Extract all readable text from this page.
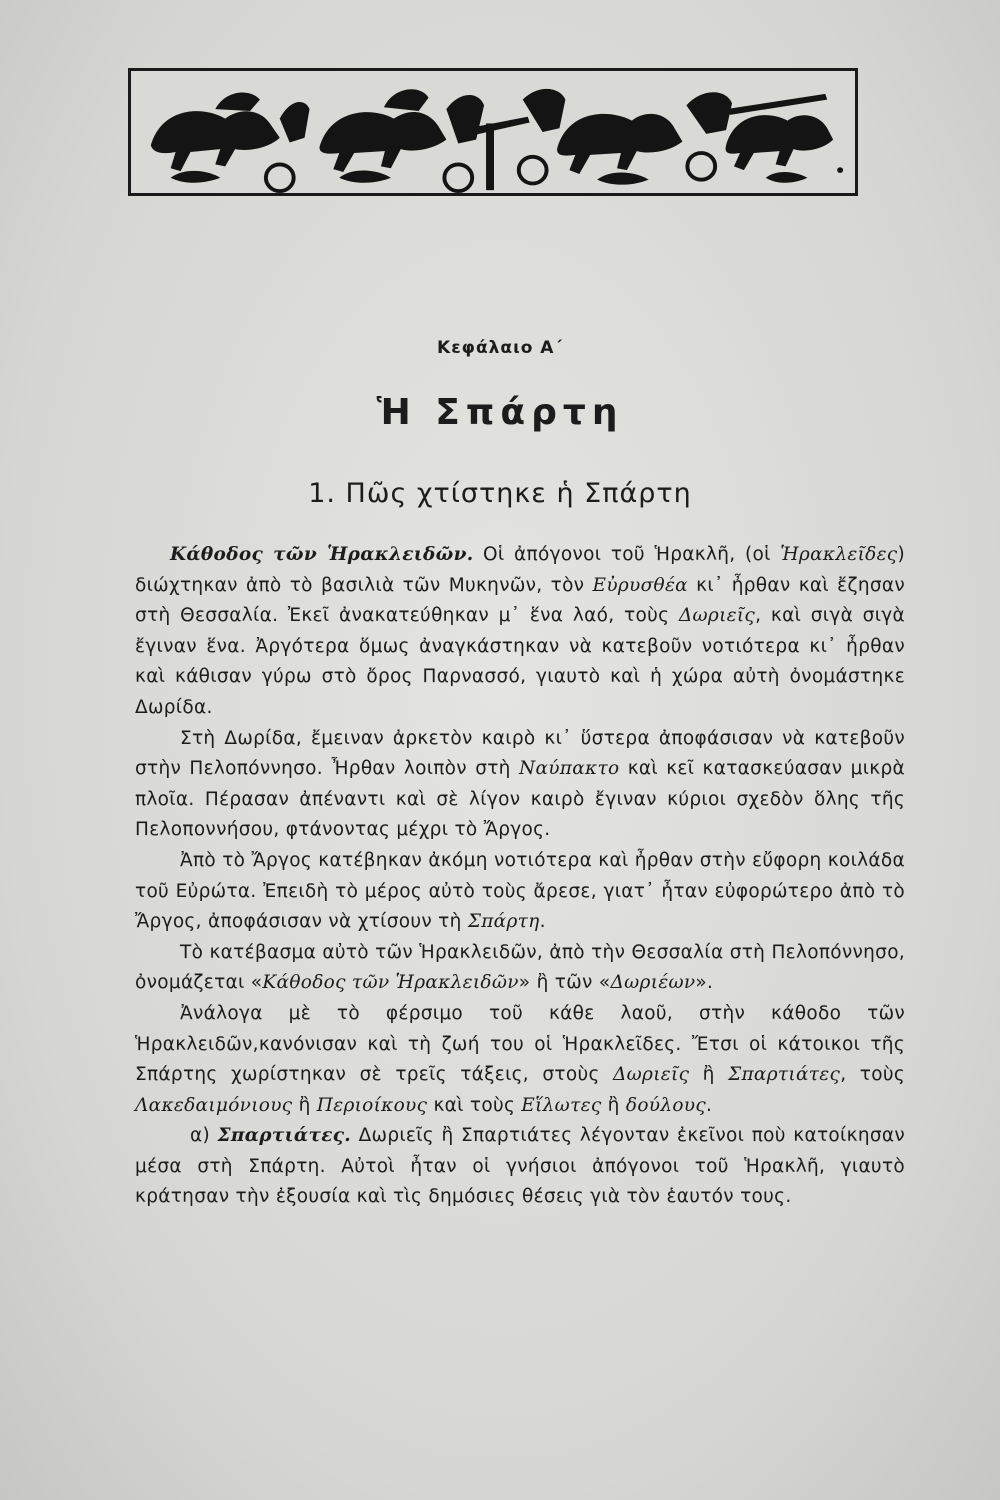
Κεφάλαιο Α΄
Ἡ Σπάρτη
1. Πῶς χτίστηκε ἡ Σπάρτη

Κάθοδος τῶν Ἡρακλειδῶν. Οἱ ἀπόγονοι τοῦ Ἡρακλῆ, (οἱ Ἡρακλεῖδες) διώχτηκαν ἀπὸ τὸ βασιλιὰ τῶν Μυκηνῶν, τὸν Εὐρυσθέα κι᾽ ἦρθαν καὶ ἔζησαν στὴ Θεσσαλία. Ἐκεῖ ἀνακατεύθηκαν μ᾽ ἕνα λαό, τοὺς Δωριεῖς, καὶ σιγὰ σιγὰ ἔγιναν ἕνα. Ἀργότερα ὅμως ἀναγκάστηκαν νὰ κατεβοῦν νοτιότερα κι᾽ ἦρθαν καὶ κάθισαν γύρω στὸ ὄρος Παρνασσό, γιαυτὸ καὶ ἡ χώρα αὐτὴ ὀνομάστηκε Δωρίδα.

Στὴ Δωρίδα, ἔμειναν ἀρκετὸν καιρὸ κι᾽ ὕστερα ἀποφάσισαν νὰ κατεβοῦν στὴν Πελοπόννησο. Ἦρθαν λοιπὸν στὴ Ναύπακτο καὶ κεῖ κατασκεύασαν μικρὰ πλοῖα. Πέρασαν ἀπέναντι καὶ σὲ λίγον καιρὸ ἔγιναν κύριοι σχεδὸν ὅλης τῆς Πελοποννήσου, φτάνοντας μέχρι τὸ Ἄργος.

Ἀπὸ τὸ Ἄργος κατέβηκαν ἀκόμη νοτιότερα καὶ ἦρθαν στὴν εὔφορη κοιλάδα τοῦ Εὐρώτα. Ἐπειδὴ τὸ μέρος αὐτὸ τοὺς ἄρεσε, γιατ᾽ ἦταν εὐφορώτερο ἀπὸ τὸ Ἄργος, ἀποφάσισαν νὰ χτίσουν τὴ Σπάρτη.

Τὸ κατέβασμα αὐτὸ τῶν Ἡρακλειδῶν, ἀπὸ τὴν Θεσσαλία στὴ Πελοπόννησο, ὀνομάζεται «Κάθοδος τῶν Ἡρακλειδῶν» ἢ τῶν «Δωριέων».

Ἀνάλογα μὲ τὸ φέρσιμο τοῦ κάθε λαοῦ, στὴν κάθοδο τῶν Ἡρακλειδῶν,κανόνισαν καὶ τὴ ζωή του οἱ Ἡρακλεῖδες. Ἔτσι οἱ κάτοικοι τῆς Σπάρτης χωρίστηκαν σὲ τρεῖς τάξεις, στοὺς Δωριεῖς ἢ Σπαρτιάτες, τοὺς Λακεδαιμόνιους ἢ Περιοίκους καὶ τοὺς Εἵλωτες ἢ δούλους.

α) Σπαρτιάτες. Δωριεῖς ἢ Σπαρτιάτες λέγονταν ἐκεῖνοι ποὺ κατοίκησαν μέσα στὴ Σπάρτη. Αὐτοὶ ἦταν οἱ γνήσιοι ἀπόγονοι τοῦ Ἡρακλῆ, γιαυτὸ κράτησαν τὴν ἐξουσία καὶ τὶς δημόσιες θέσεις γιὰ τὸν ἑαυτόν τους.
